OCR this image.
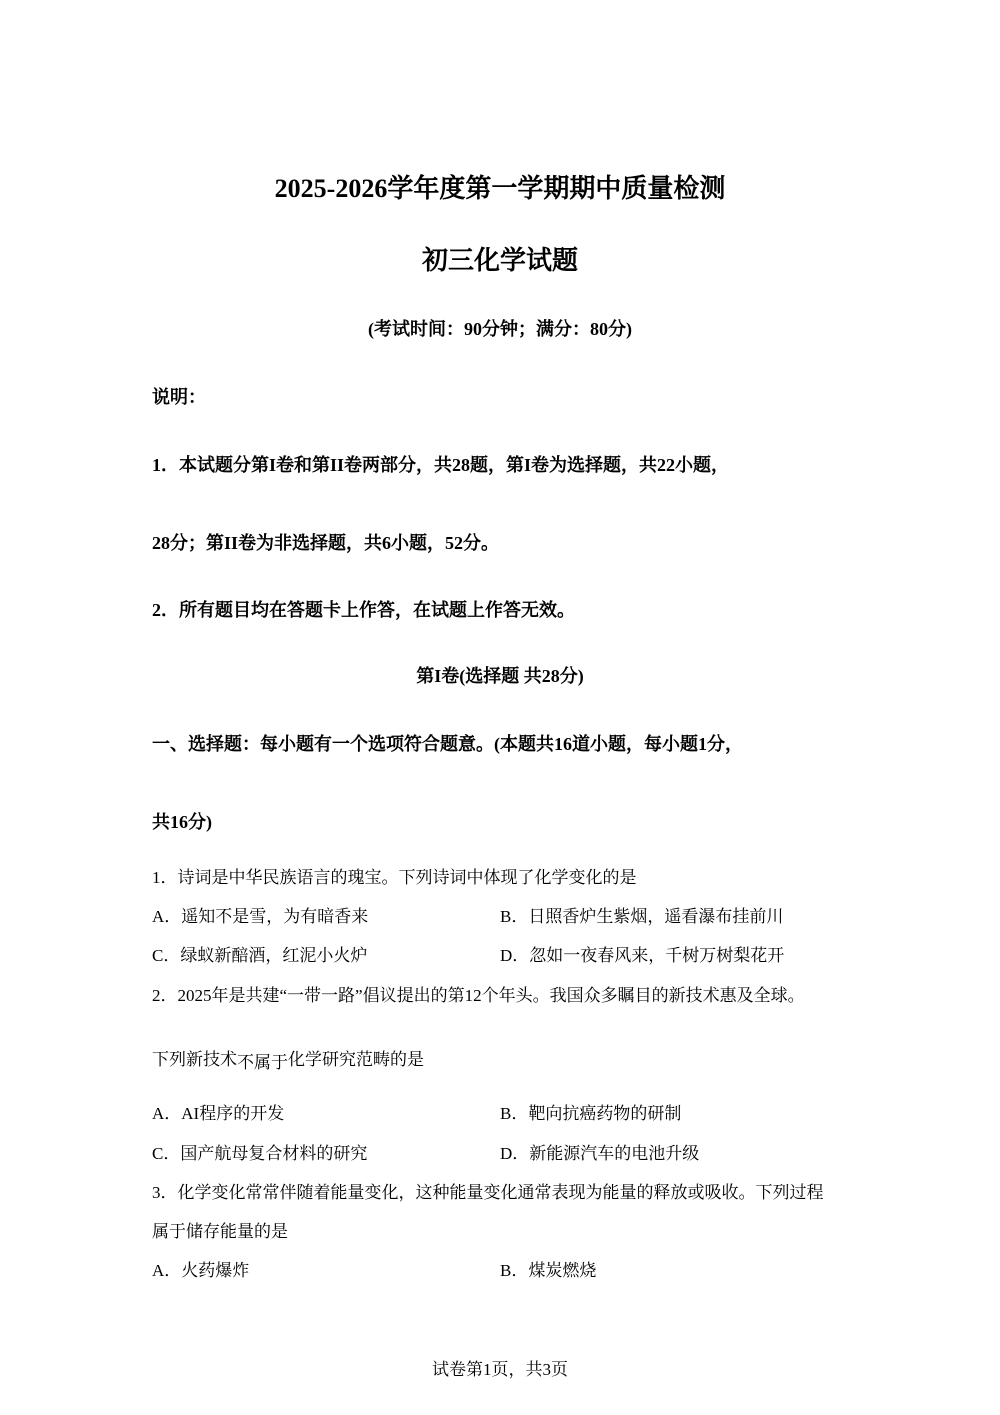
2025-2026学年度第一学期期中质量检测
初三化学试题
(考试时间：90分钟；满分：80分)
说明：
1．本试题分第I卷和第II卷两部分，共28题，第I卷为选择题，共22小题，
28分；第II卷为非选择题，共6小题，52分。
2．所有题目均在答题卡上作答，在试题上作答无效。
第I卷(选择题 共28分)
一、选择题：每小题有一个选项符合题意。(本题共16道小题，每小题1分，
共16分)
1．诗词是中华民族语言的瑰宝。下列诗词中体现了化学变化的是
A．遥知不是雪，为有暗香来	B．日照香炉生紫烟，遥看瀑布挂前川
C．绿蚁新醅酒，红泥小火炉	D．忽如一夜春风来，千树万树梨花开
2．2025年是共建“一带一路”倡议提出的第12个年头。我国众多瞩目的新技术惠及全球。
下列新技术不属于化学研究范畴的是
A．AI程序的开发	B．靶向抗癌药物的研制
C．国产航母复合材料的研究	D．新能源汽车的电池升级
3．化学变化常常伴随着能量变化，这种能量变化通常表现为能量的释放或吸收。下列过程
属于储存能量的是
A．火药爆炸	B．煤炭燃烧
试卷第1页，共3页
